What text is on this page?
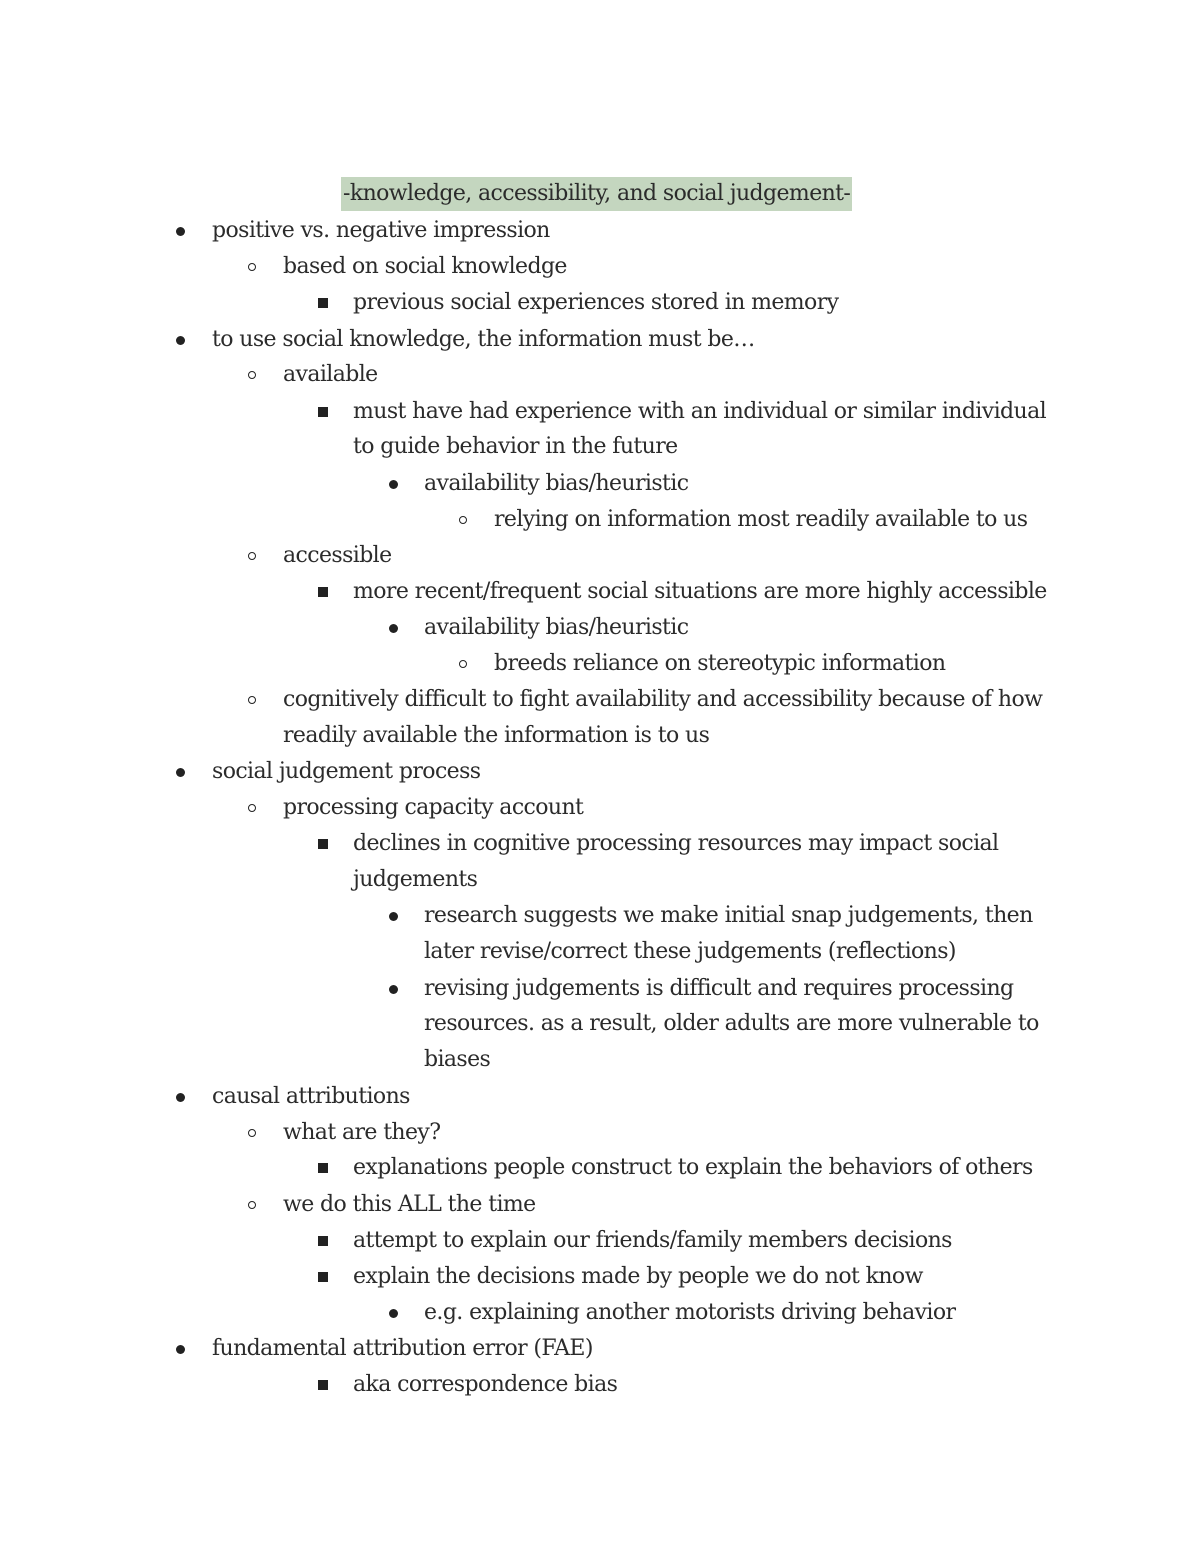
-knowledge, accessibility, and social judgement-
positive vs. negative impression
based on social knowledge
previous social experiences stored in memory
to use social knowledge, the information must be…
available
must have had experience with an individual or similar individual
to guide behavior in the future
availability bias/heuristic
relying on information most readily available to us
accessible
more recent/frequent social situations are more highly accessible
availability bias/heuristic
breeds reliance on stereotypic information
cognitively difficult to fight availability and accessibility because of how
readily available the information is to us
social judgement process
processing capacity account
declines in cognitive processing resources may impact social
judgements
research suggests we make initial snap judgements, then
later revise/correct these judgements (reflections)
revising judgements is difficult and requires processing
resources. as a result, older adults are more vulnerable to
biases
causal attributions
what are they?
explanations people construct to explain the behaviors of others
we do this ALL the time
attempt to explain our friends/family members decisions
explain the decisions made by people we do not know
e.g. explaining another motorists driving behavior
fundamental attribution error (FAE)
aka correspondence bias
